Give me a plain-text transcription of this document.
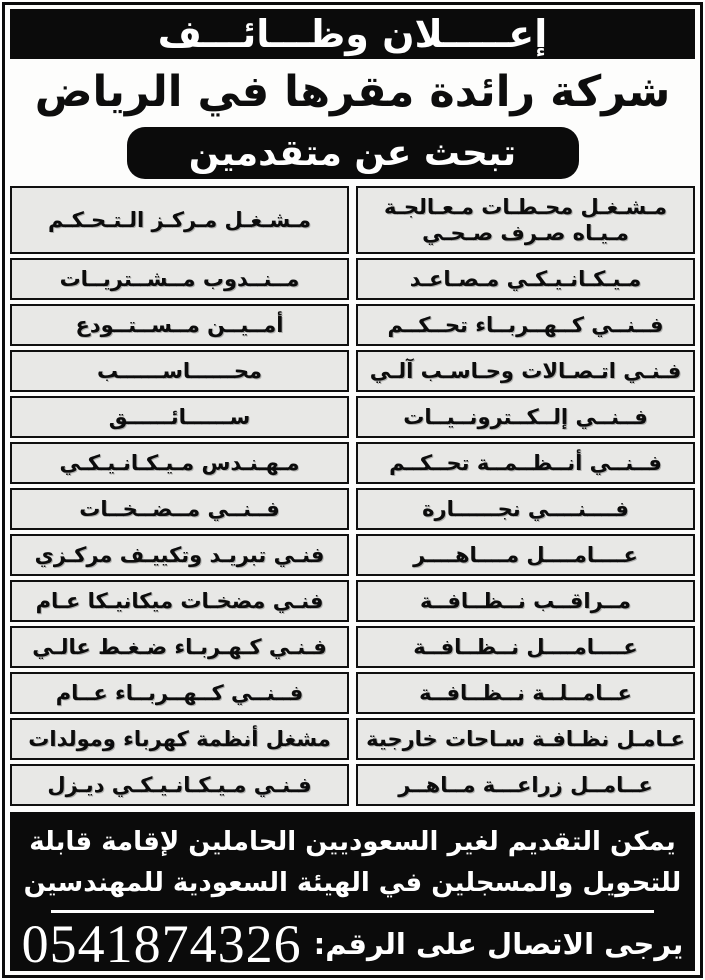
إعـــــلان وظـــائـــف
شركة رائدة مقرها في الرياض
تبحث عن متقدمين
مـشـغـل محـطـات مـعـالجـة مـيـاه صـرف صـحـي
مـيـكـانـيـكـي مـصـاعـد
فــنــي كــهــربــاء تحــكــم
فـنـي اتـصـالات وحـاسـب آلـي
فــنــي إلــكــترونــيــات
فــنــي أنــظــمــة تحــكــم
فــــنــــي نجــــــارة
عــــامــــل مــــاهــــر
مــراقــب نــظــافــة
عــــامــــل نــظــافــة
عــامــلــة نــظــافــة
عـامـل نظـافـة سـاحات خارجية
عــامــل زراعـــة مــاهــر
مـشـغـل مـركـز الـتـحـكـم
مــنــدوب مــشــتريــات
أمــيــن مــســتــودع
محــــــاســــــب
ســــــائــــــق
مـهـنـدس مـيـكـانـيـكـي
فــنــي مــضــخــات
فنـي تبريـد وتكييـف مركـزي
فنـي مضخـات ميكانيـكا عـام
فـنـي كـهـربـاء ضـغـط عالـي
فــنــي كــهــربــاء عــام
مشغل أنظمة كهرباء ومولدات
فـنـي مـيـكـانـيـكـي ديـزل
يمكن التقديم لغير السعوديين الحاملين لإقامة قابلة
للتحويل والمسجلين في الهيئة السعودية للمهندسين
يرجى الاتصال على الرقم:
0541874326
